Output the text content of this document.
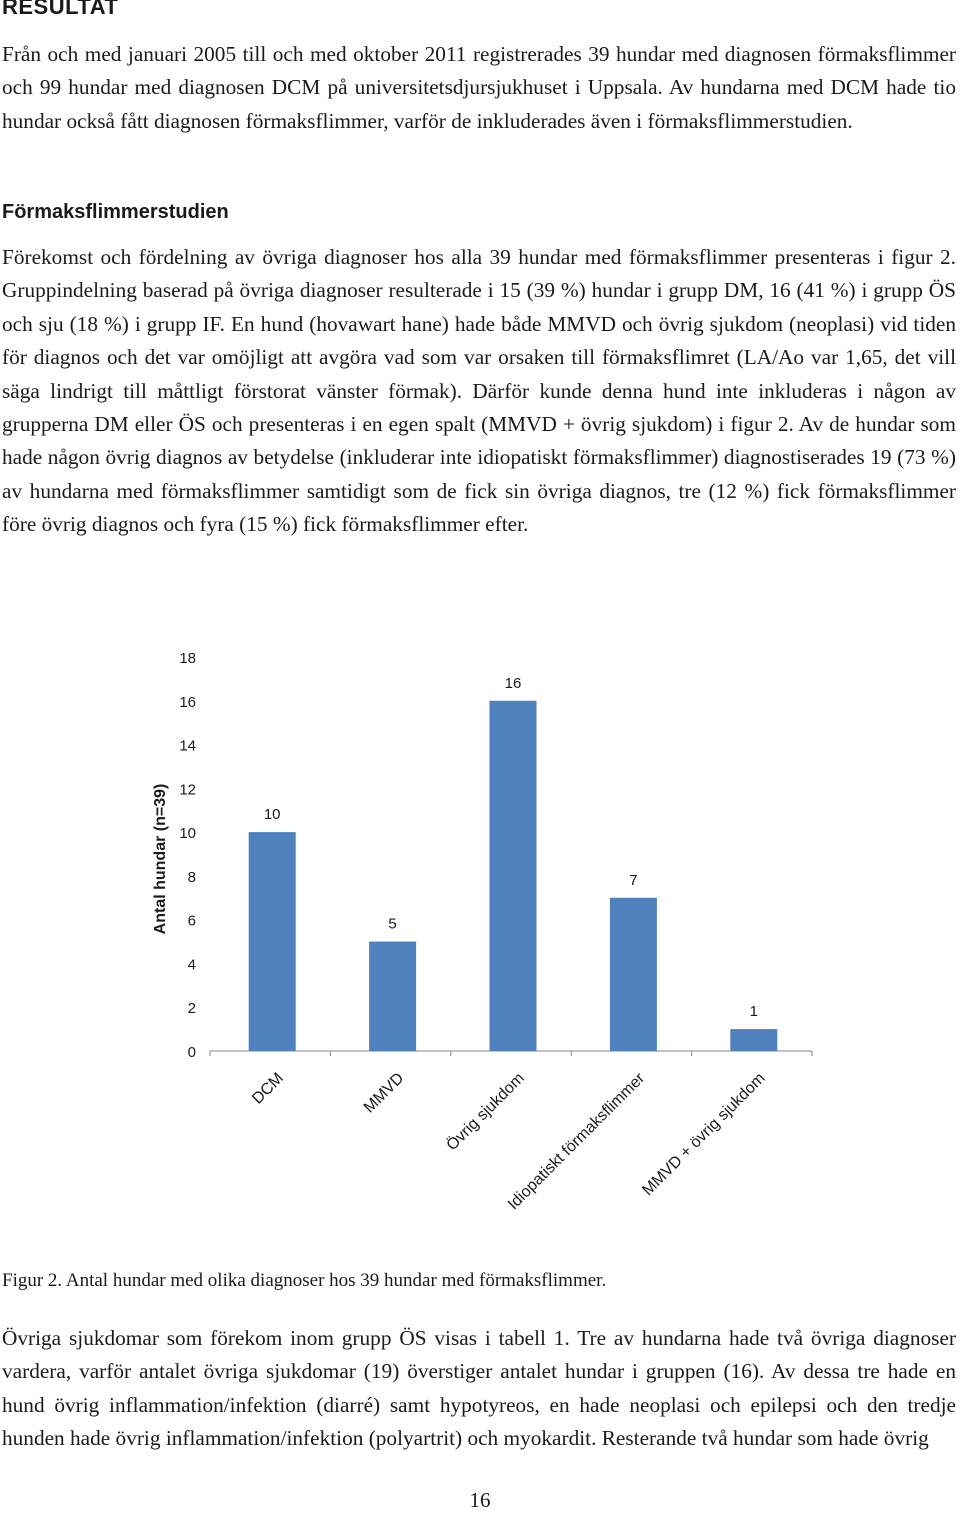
RESULTAT

Från och med januari 2005 till och med oktober 2011 registrerades 39 hundar med diagnosen förmaksflimmer och 99 hundar med diagnosen DCM på universitetsdjursjukhuset i Uppsala. Av hundarna med DCM hade tio hundar också fått diagnosen förmaksflimmer, varför de inkluderades även i förmaksflimmerstudien.

Förmaksflimmerstudien

Förekomst och fördelning av övriga diagnoser hos alla 39 hundar med förmaksflimmer presenteras i figur 2. Gruppindelning baserad på övriga diagnoser resulterade i 15 (39 %) hundar i grupp DM, 16 (41 %) i grupp ÖS och sju (18 %) i grupp IF. En hund (hovawart hane) hade både MMVD och övrig sjukdom (neoplasi) vid tiden för diagnos och det var omöjligt att avgöra vad som var orsaken till förmaksflimret (LA/Ao var 1,65, det vill säga lindrigt till måttligt förstorat vänster förmak). Därför kunde denna hund inte inkluderas i någon av grupperna DM eller ÖS och presenteras i en egen spalt (MMVD + övrig sjukdom) i figur 2. Av de hundar som hade någon övrig diagnos av betydelse (inkluderar inte idiopatiskt förmaksflimmer) diagnostiserades 19 (73 %) av hundarna med förmaksflimmer samtidigt som de fick sin övriga diagnos, tre (12 %) fick förmaksflimmer före övrig diagnos och fyra (15 %) fick förmaksflimmer efter.

0
2
4
6
8
10
12
14
16
18
Antal hundar (n=39)	10
DCM
5
MMVD
16
Övrig sjukdom
7
Idiopatiskt förmaksflimmer
1
MMVD + övrig sjukdom
Figur 2. Antal hundar med olika diagnoser hos 39 hundar med förmaksflimmer.

Övriga sjukdomar som förekom inom grupp ÖS visas i tabell 1. Tre av hundarna hade två övriga diagnoser vardera, varför antalet övriga sjukdomar (19) överstiger antalet hundar i gruppen (16). Av dessa tre hade en hund övrig inflammation/infektion (diarré) samt hypotyreos, en hade neoplasi och epilepsi och den tredje hunden hade övrig inflammation/infektion (polyartrit) och myokardit. Resterande två hundar som hade övrig

16
